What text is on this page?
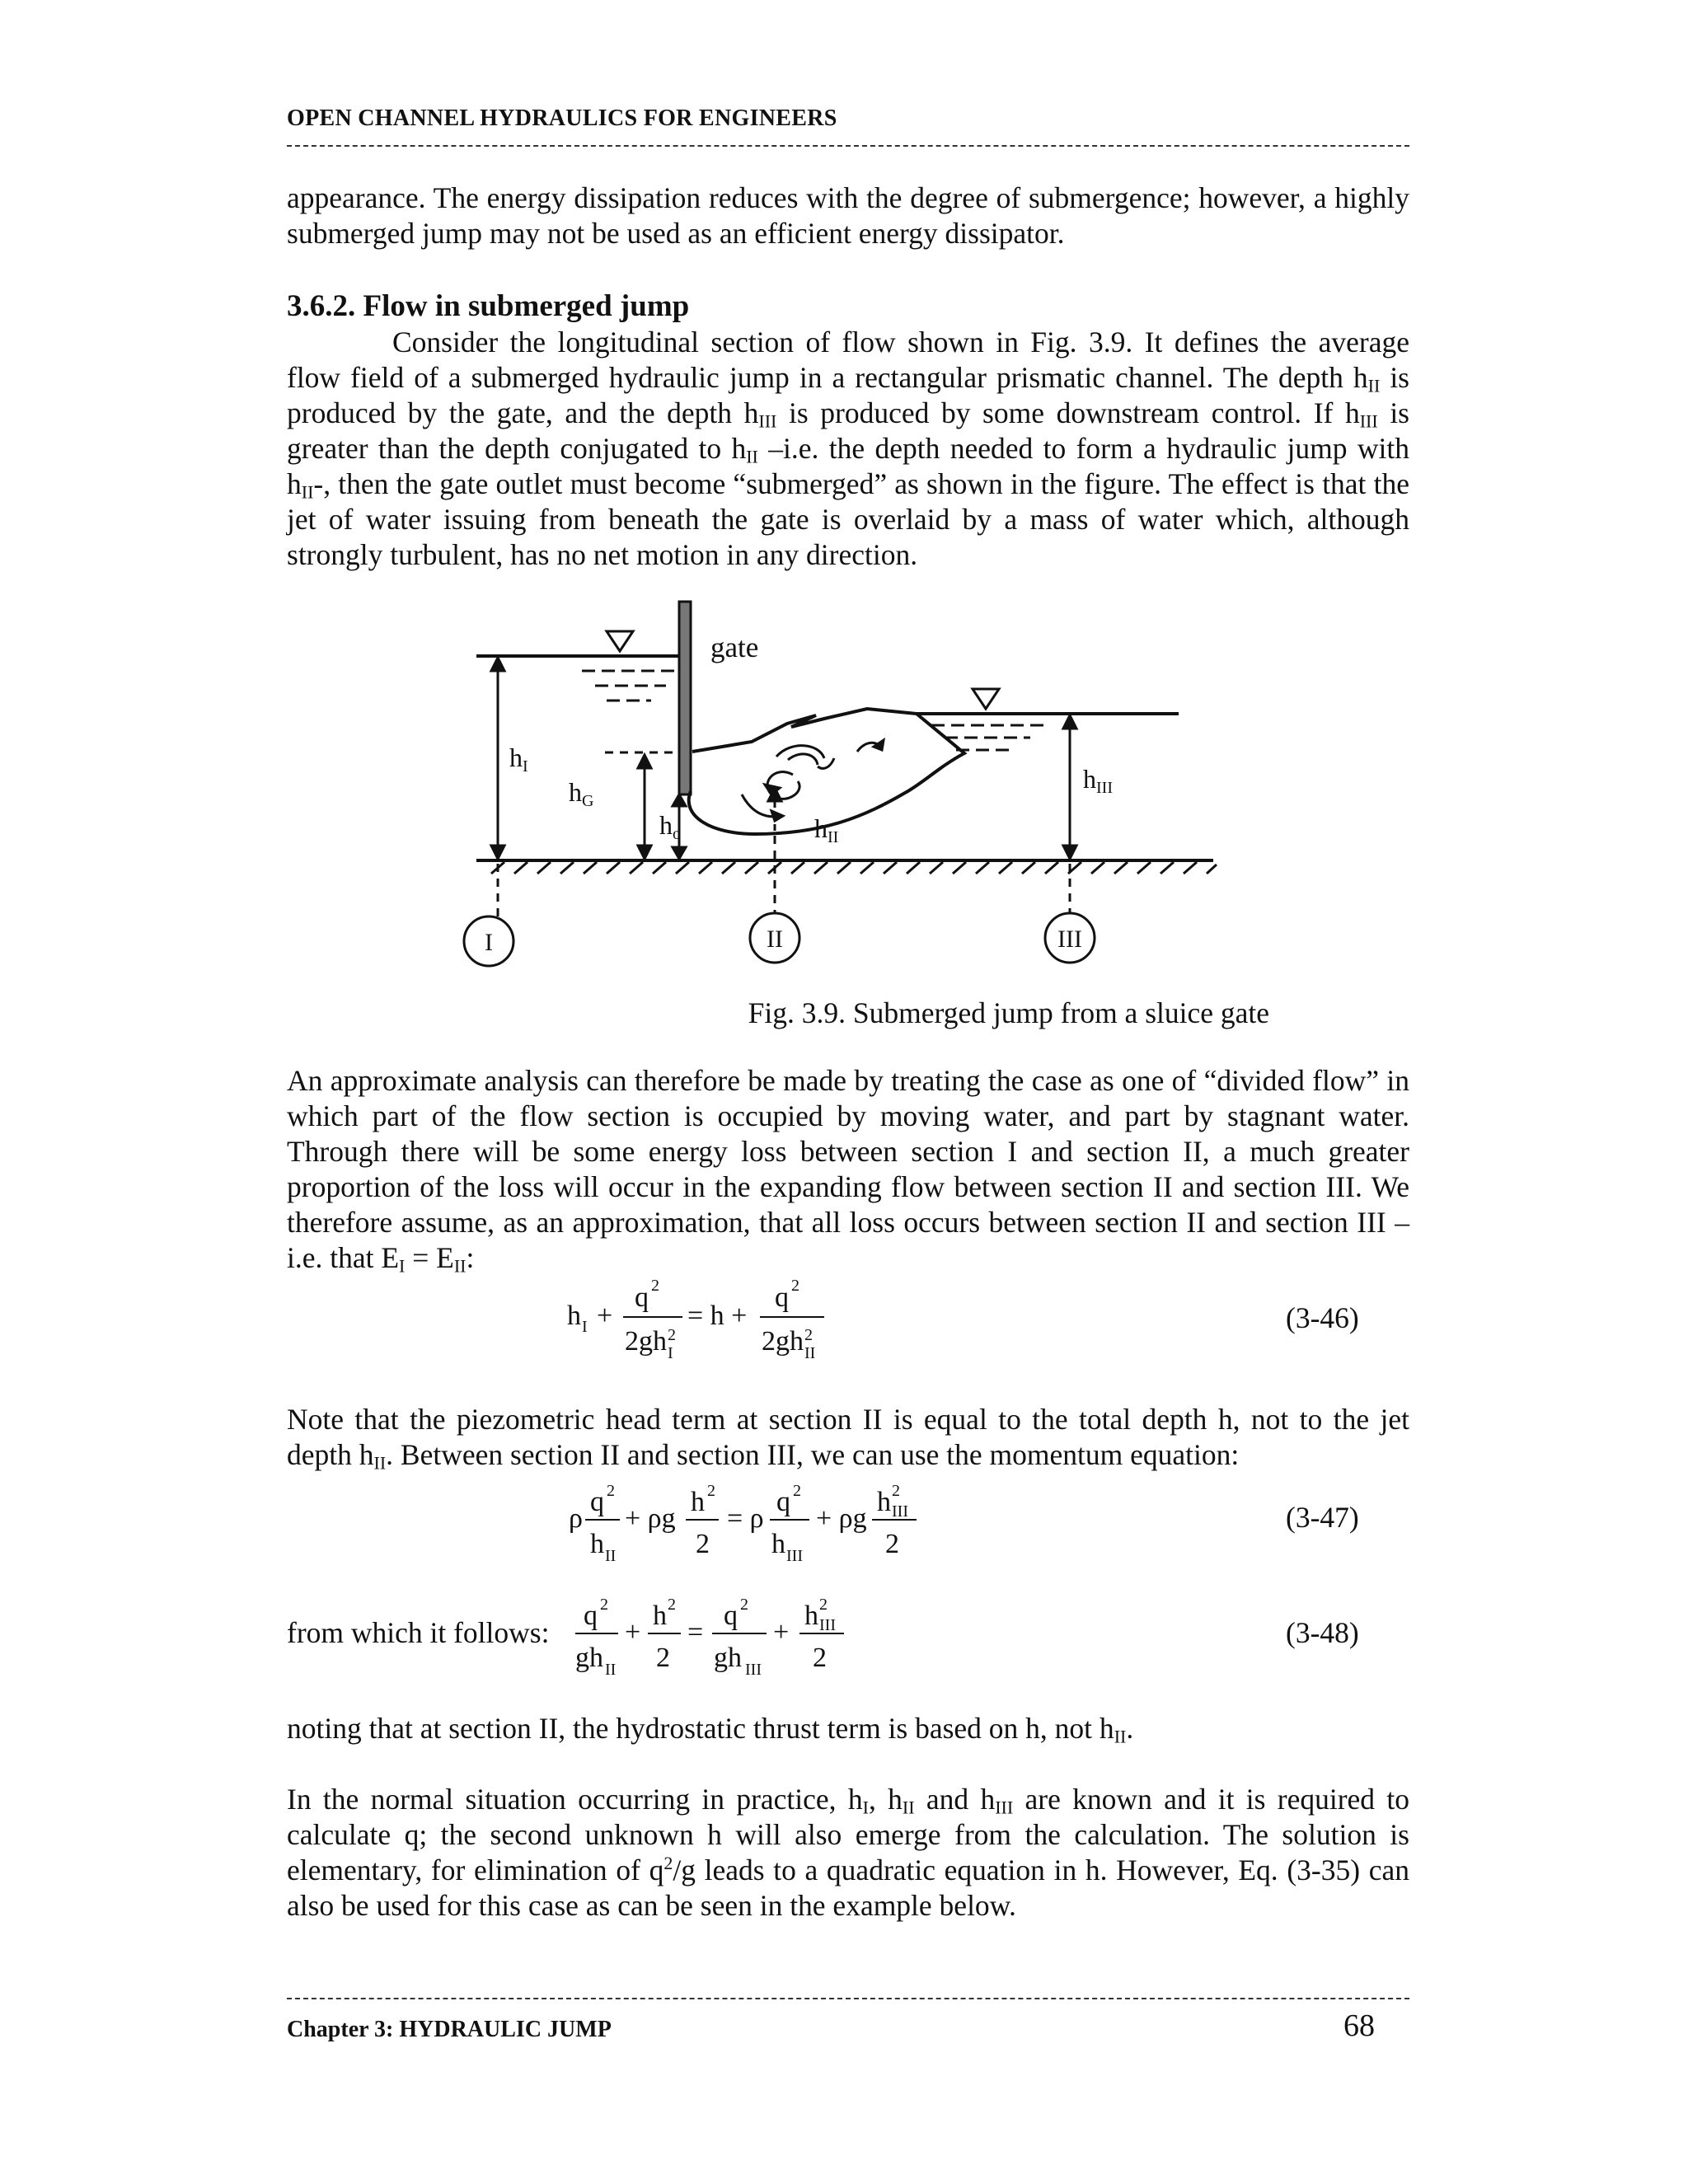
OPEN CHANNEL HYDRAULICS FOR ENGINEERS

appearance. The energy dissipation reduces with the degree of submergence; however, a highly submerged jump may not be used as an efficient energy dissipator.

3.6.2. Flow in submerged jump

Consider the longitudinal section of flow shown in Fig. 3.9. It defines the average flow field of a submerged hydraulic jump in a rectangular prismatic channel. The depth $h_{II}$ is produced by the gate, and the depth $h_{III}$ is produced by some downstream control. If $h_{III}$ is greater than the depth conjugated to $h_{II}$ –i.e. the depth needed to form a hydraulic jump with $h_{II}-$, then the gate outlet must become “submerged” as shown in the figure. The effect is that the jet of water issuing from beneath the gate is overlaid by a mass of water which, although strongly turbulent, has no net motion in any direction.

gate
hI
hG
ho	hII
hIII
I	II	III
Fig. 3.9. Submerged jump from a sluice gate

An approximate analysis can therefore be made by treating the case as one of “divided flow” in which part of the flow section is occupied by moving water, and part by stagnant water. Through there will be some energy loss between section I and section II, a much greater proportion of the loss will occur in the expanding flow between section II and section III. We therefore assume, as an approximation, that all loss occurs between section II and section III –i.e. that $E_I = E_{II}$:

h I +
q 2
2gh 2
I
= h +
q 2
2gh 2
II
(3-46)

Note that the piezometric head term at section II is equal to the total depth h, not to the jet depth $h_{II}$. Between section II and section III, we can use the momentum equation:

ρ
q 2
h II
+ ρg
h 2
2
= ρ
q 2
h III
+ ρg
h 2
III
2
(3-47)
from which it follows:
q 2
gh II
+
h 2
2
=
q 2
gh III
+
h 2
III
2
(3-48)

noting that at section II, the hydrostatic thrust term is based on h, not $h_{II}$.

In the normal situation occurring in practice, $h_I$, $h_{II}$ and $h_{III}$ are known and it is required to calculate q; the second unknown h will also emerge from the calculation. The solution is elementary, for elimination of $q^2/g$ leads to a quadratic equation in h. However, Eq. (3-35) can also be used for this case as can be seen in the example below.

Chapter 3: HYDRAULIC JUMP	68
